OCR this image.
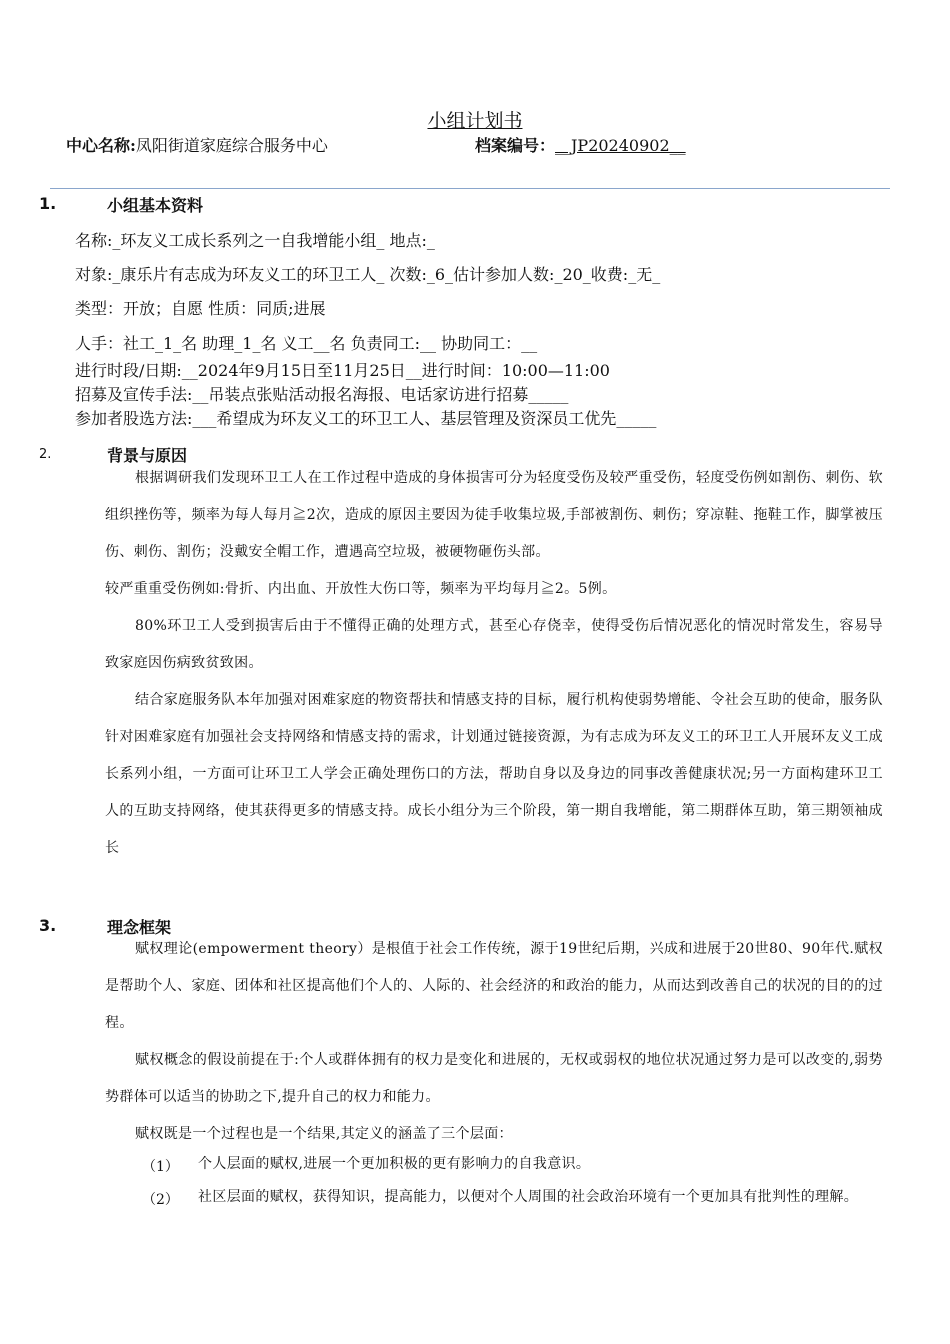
小组计划书
中心名称:凤阳街道家庭综合服务中心	档案编号：__JP20240902__
1.	小组基本资料
名称:_环友义工成长系列之一自我增能小组_ 地点:_
对象:_康乐片有志成为环友义工的环卫工人_ 次数:_6_估计参加人数:_20_收费:_无_
类型：开放；自愿 性质：同质;进展
人手：社工_1_名 助理_1_名 义工__名 负责同工:__ 协助同工：__
进行时段/日期:__2024年9月15日至11月25日__进行时间：10:00—11:00
招募及宣传手法:__吊装点张贴活动报名海报、电话家访进行招募_____
参加者股选方法:___希望成为环友义工的环卫工人、基层管理及资深员工优先_____
2.	背景与原因

根据调研我们发现环卫工人在工作过程中造成的身体损害可分为轻度受伤及较严重受伤，轻度受伤例如割伤、刺伤、软组织挫伤等，频率为每人每月≧2次，造成的原因主要因为徒手收集垃圾,手部被割伤、刺伤；穿凉鞋、拖鞋工作，脚掌被压伤、刺伤、割伤；没戴安全帽工作，遭遇高空垃圾，被硬物砸伤头部。

较严重重受伤例如:骨折、内出血、开放性大伤口等，频率为平均每月≧2。5例。

80%环卫工人受到损害后由于不懂得正确的处理方式，甚至心存侥幸，使得受伤后情况恶化的情况时常发生，容易导致家庭因伤病致贫致困。

结合家庭服务队本年加强对困难家庭的物资帮扶和情感支持的目标，履行机构使弱势增能、令社会互助的使命，服务队针对困难家庭有加强社会支持网络和情感支持的需求，计划通过链接资源，为有志成为环友义工的环卫工人开展环友义工成长系列小组，一方面可让环卫工人学会正确处理伤口的方法，帮助自身以及身边的同事改善健康状况;另一方面构建环卫工人的互助支持网络，使其获得更多的情感支持。成长小组分为三个阶段，第一期自我增能，第二期群体互助，第三期领袖成长

3.	理念框架

赋权理论(empowerment theory）是根值于社会工作传统，源于19世纪后期，兴成和进展于20世80、90年代.赋权是帮助个人、家庭、团体和社区提高他们个人的、人际的、社会经济的和政治的能力，从而达到改善自己的状况的目的的过程。

赋权概念的假设前提在于:个人或群体拥有的权力是变化和进展的，无权或弱权的地位状况通过努力是可以改变的,弱势势群体可以适当的协助之下,提升自己的权力和能力。

赋权既是一个过程也是一个结果,其定义的涵盖了三个层面：

（1） 个人层面的赋权,进展一个更加积极的更有影响力的自我意识。
（2） 社区层面的赋权，获得知识，提高能力，以便对个人周围的社会政治环境有一个更加具有批判性的理解。
